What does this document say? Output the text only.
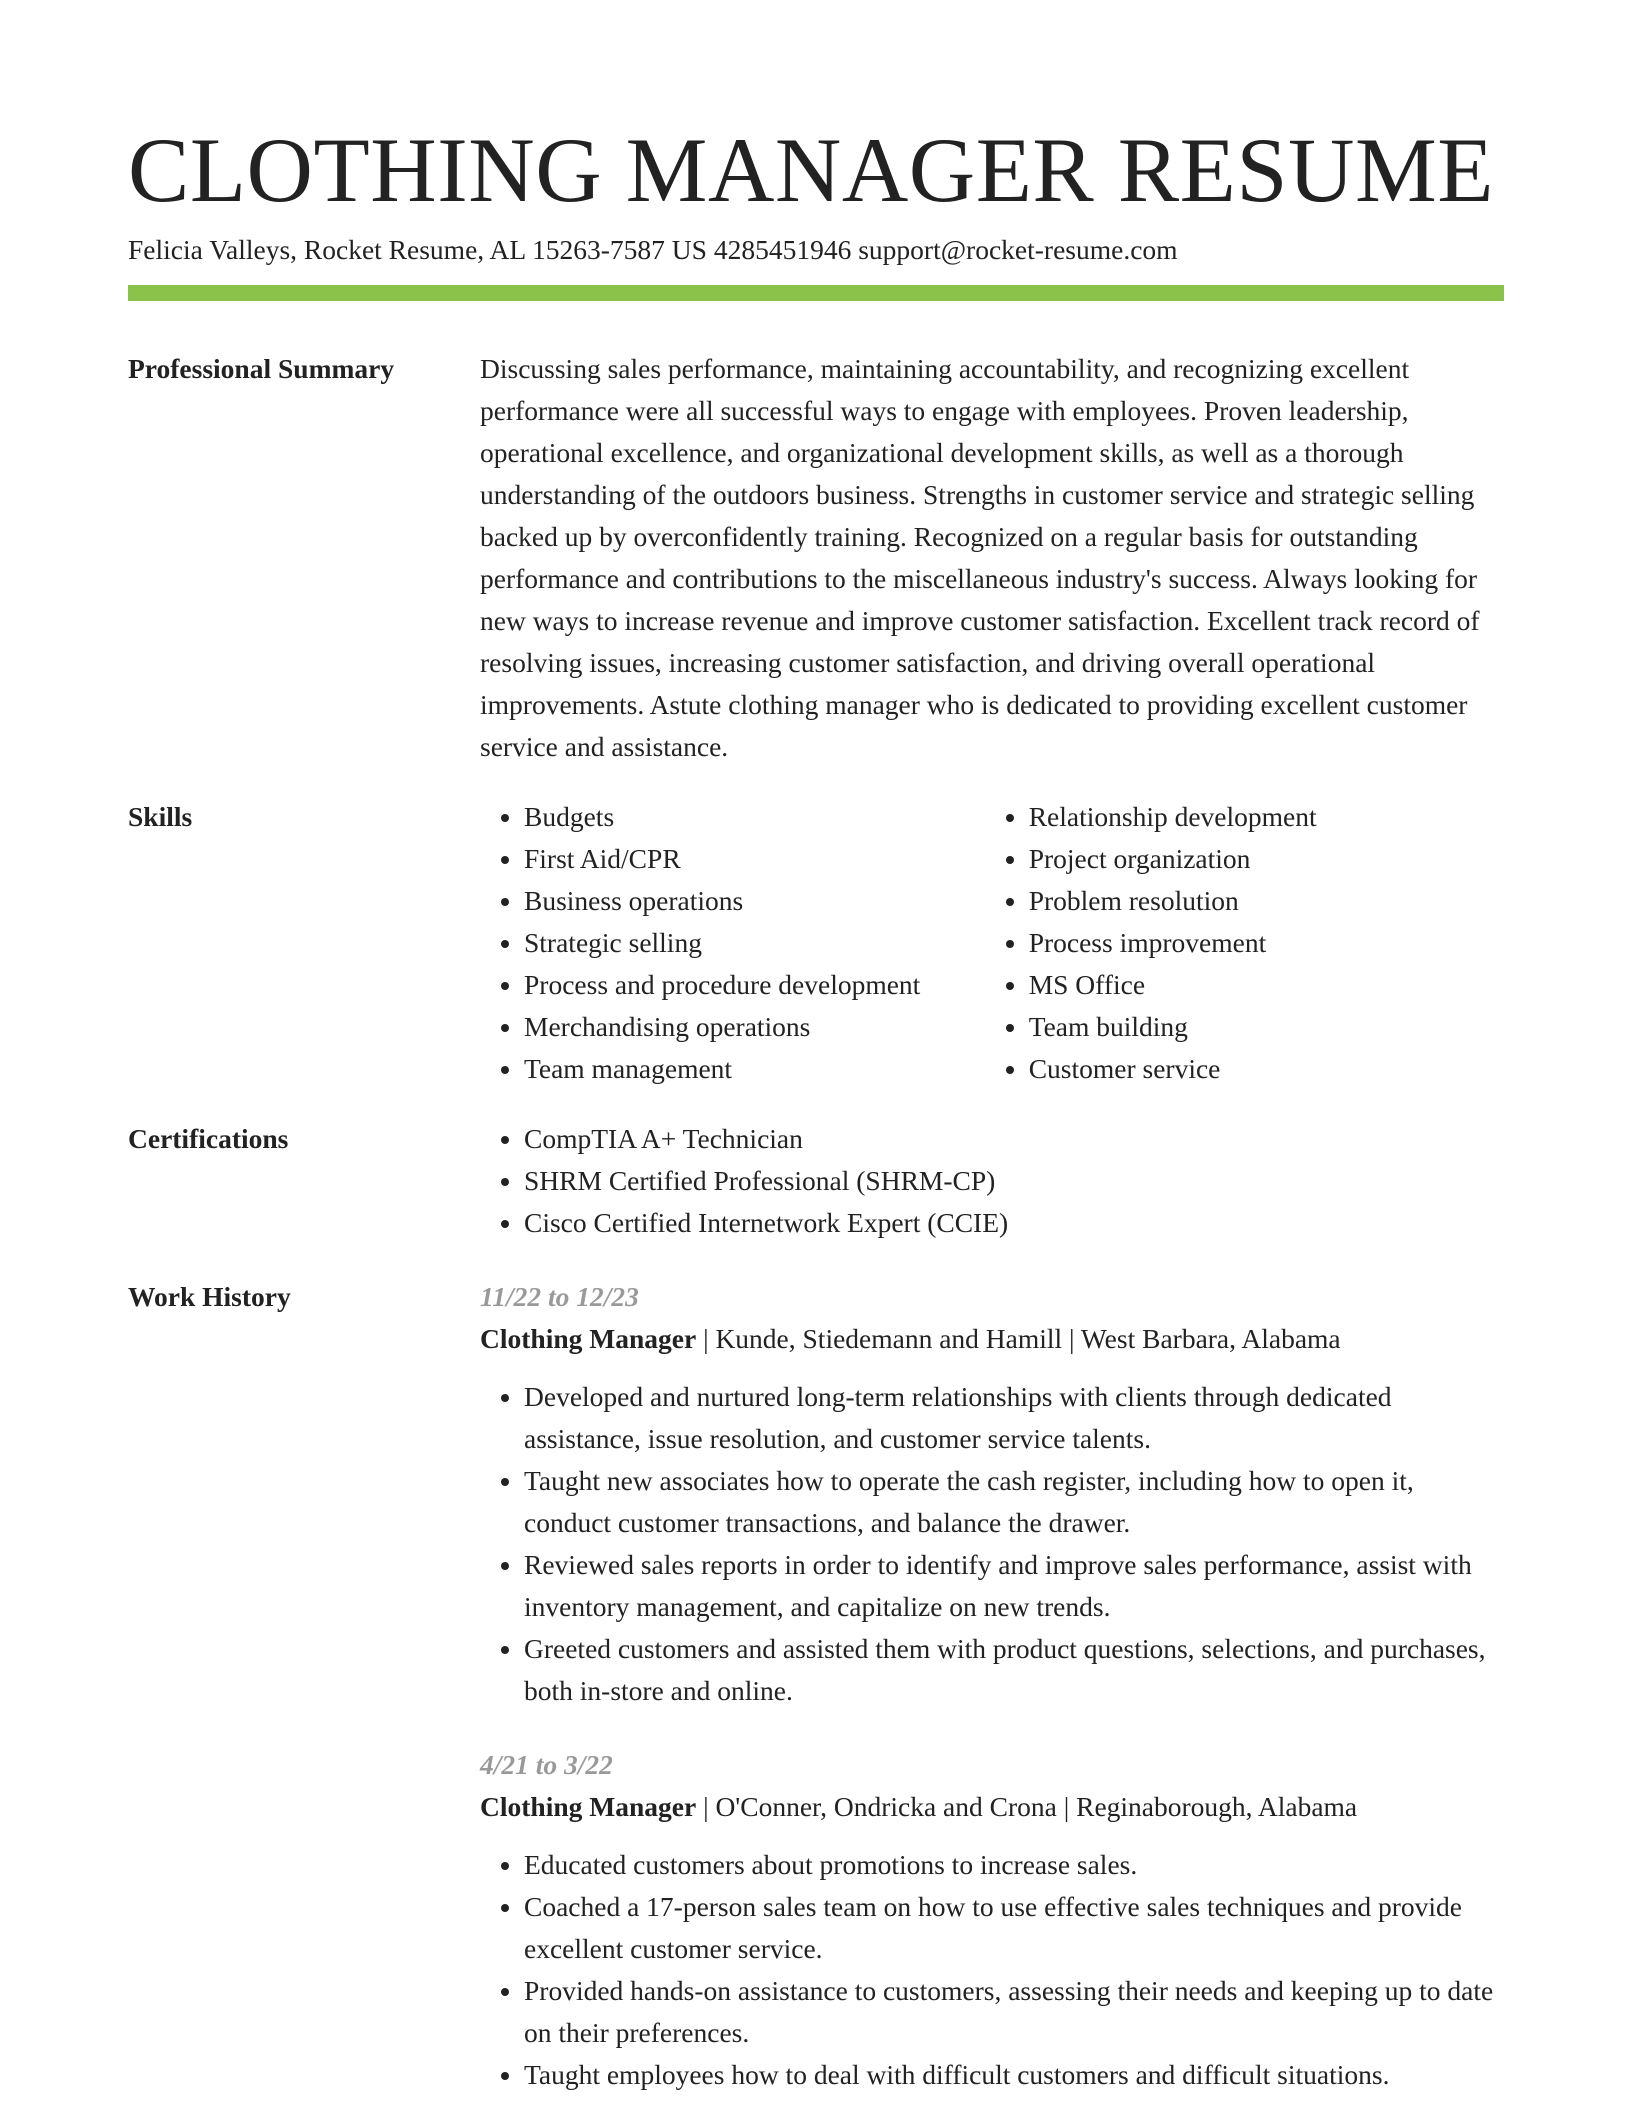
CLOTHING MANAGER RESUME
Felicia Valleys, Rocket Resume, AL 15263-7587 US 4285451946 support@rocket-resume.com
Professional Summary	Discussing sales performance, maintaining accountability, and recognizing excellent performance were all successful ways to engage with employees. Proven leadership, operational excellence, and organizational development skills, as well as a thorough understanding of the outdoors business. Strengths in customer service and strategic selling backed up by overconfidently training. Recognized on a regular basis for outstanding performance and contributions to the miscellaneous industry's success. Always looking for new ways to increase revenue and improve customer satisfaction. Excellent track record of resolving issues, increasing customer satisfaction, and driving overall operational improvements. Astute clothing manager who is dedicated to providing excellent customer service and assistance.

Skills	• Budgets
• First Aid/CPR
• Business operations
• Strategic selling
• Process and procedure development
• Merchandising operations
• Team management
• Relationship development
• Project organization
• Problem resolution
• Process improvement
• MS Office
• Team building
• Customer service
Certifications	• CompTIA A+ Technician
• SHRM Certified Professional (SHRM-CP)
• Cisco Certified Internetwork Expert (CCIE)
Work History	11/22 to 12/23
Clothing Manager | Kunde, Stiedemann and Hamill | West Barbara, Alabama
• Developed and nurtured long-term relationships with clients through dedicated assistance, issue resolution, and customer service talents.
• Taught new associates how to operate the cash register, including how to open it, conduct customer transactions, and balance the drawer.
• Reviewed sales reports in order to identify and improve sales performance, assist with inventory management, and capitalize on new trends.
• Greeted customers and assisted them with product questions, selections, and purchases, both in-store and online.
4/21 to 3/22
Clothing Manager | O'Conner, Ondricka and Crona | Reginaborough, Alabama
• Educated customers about promotions to increase sales.
• Coached a 17-person sales team on how to use effective sales techniques and provide excellent customer service.
• Provided hands-on assistance to customers, assessing their needs and keeping up to date on their preferences.
• Taught employees how to deal with difficult customers and difficult situations.
